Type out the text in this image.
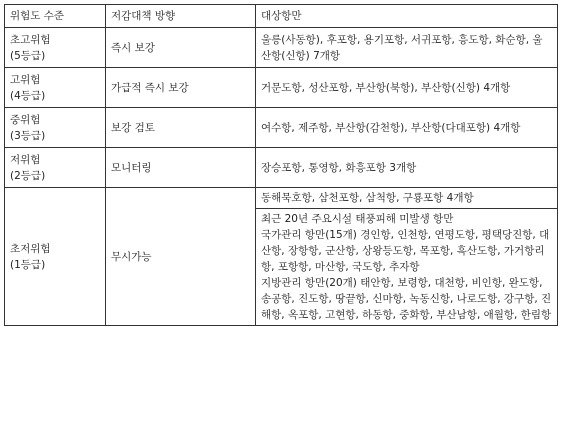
위험도 수준	저감대책 방향	대상항만

초고위험
(5등급)	즉시 보강	울릉(사동항), 후포항, 용기포항, 서귀포항, 흥도항, 화순항, 울산항(신항) 7개항

고위험
(4등급)	가급적 즉시 보강	거문도항, 성산포항, 부산항(북항), 부산항(신항) 4개항

중위험
(3등급)	보강 검토	여수항, 제주항, 부산항(감천항), 부산항(다대포항) 4개항

저위험
(2등급)	모니터링	장승포항, 통영항, 화흥포항 3개항

초저위험
(1등급)	무시가능	동해묵호항, 삼천포항, 삼척항, 구룡포항 4개항

		최근 20년 주요시설 태풍피해 미발생 항만
국가관리 항만(15개) 경인항, 인천항, 연평도항, 평택당진항, 대산항, 장항항, 군산항, 상왕등도항, 목포항, 흑산도항, 가거항리항, 포항항, 마산항, 국도항, 추자항
지방관리 항만(20개) 태안항, 보령항, 대천항, 비인항, 완도항, 송공항, 진도항, 땅끝항, 신마항, 녹동신항, 나로도항, 강구항, 진해항, 옥포항, 고현항, 하동항, 중화항, 부산남항, 애월항, 한림항
